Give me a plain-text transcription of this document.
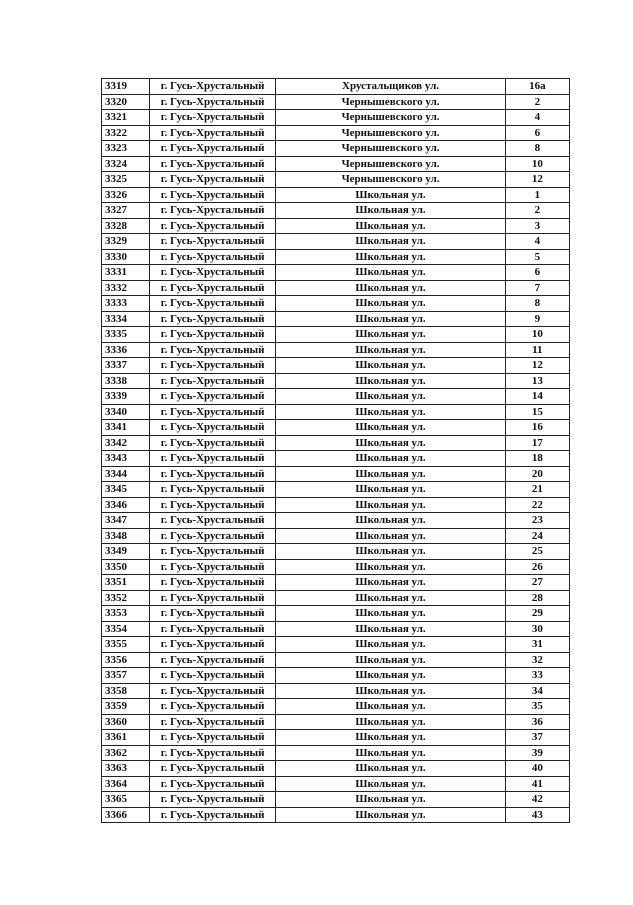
3319	г. Гусь-Хрустальный	Хрустальщиков ул.	16а
3320	г. Гусь-Хрустальный	Чернышевского ул.	2
3321	г. Гусь-Хрустальный	Чернышевского ул.	4
3322	г. Гусь-Хрустальный	Чернышевского ул.	6
3323	г. Гусь-Хрустальный	Чернышевского ул.	8
3324	г. Гусь-Хрустальный	Чернышевского ул.	10
3325	г. Гусь-Хрустальный	Чернышевского ул.	12
3326	г. Гусь-Хрустальный	Школьная ул.	1
3327	г. Гусь-Хрустальный	Школьная ул.	2
3328	г. Гусь-Хрустальный	Школьная ул.	3
3329	г. Гусь-Хрустальный	Школьная ул.	4
3330	г. Гусь-Хрустальный	Школьная ул.	5
3331	г. Гусь-Хрустальный	Школьная ул.	6
3332	г. Гусь-Хрустальный	Школьная ул.	7
3333	г. Гусь-Хрустальный	Школьная ул.	8
3334	г. Гусь-Хрустальный	Школьная ул.	9
3335	г. Гусь-Хрустальный	Школьная ул.	10
3336	г. Гусь-Хрустальный	Школьная ул.	11
3337	г. Гусь-Хрустальный	Школьная ул.	12
3338	г. Гусь-Хрустальный	Школьная ул.	13
3339	г. Гусь-Хрустальный	Школьная ул.	14
3340	г. Гусь-Хрустальный	Школьная ул.	15
3341	г. Гусь-Хрустальный	Школьная ул.	16
3342	г. Гусь-Хрустальный	Школьная ул.	17
3343	г. Гусь-Хрустальный	Школьная ул.	18
3344	г. Гусь-Хрустальный	Школьная ул.	20
3345	г. Гусь-Хрустальный	Школьная ул.	21
3346	г. Гусь-Хрустальный	Школьная ул.	22
3347	г. Гусь-Хрустальный	Школьная ул.	23
3348	г. Гусь-Хрустальный	Школьная ул.	24
3349	г. Гусь-Хрустальный	Школьная ул.	25
3350	г. Гусь-Хрустальный	Школьная ул.	26
3351	г. Гусь-Хрустальный	Школьная ул.	27
3352	г. Гусь-Хрустальный	Школьная ул.	28
3353	г. Гусь-Хрустальный	Школьная ул.	29
3354	г. Гусь-Хрустальный	Школьная ул.	30
3355	г. Гусь-Хрустальный	Школьная ул.	31
3356	г. Гусь-Хрустальный	Школьная ул.	32
3357	г. Гусь-Хрустальный	Школьная ул.	33
3358	г. Гусь-Хрустальный	Школьная ул.	34
3359	г. Гусь-Хрустальный	Школьная ул.	35
3360	г. Гусь-Хрустальный	Школьная ул.	36
3361	г. Гусь-Хрустальный	Школьная ул.	37
3362	г. Гусь-Хрустальный	Школьная ул.	39
3363	г. Гусь-Хрустальный	Школьная ул.	40
3364	г. Гусь-Хрустальный	Школьная ул.	41
3365	г. Гусь-Хрустальный	Школьная ул.	42
3366	г. Гусь-Хрустальный	Школьная ул.	43
